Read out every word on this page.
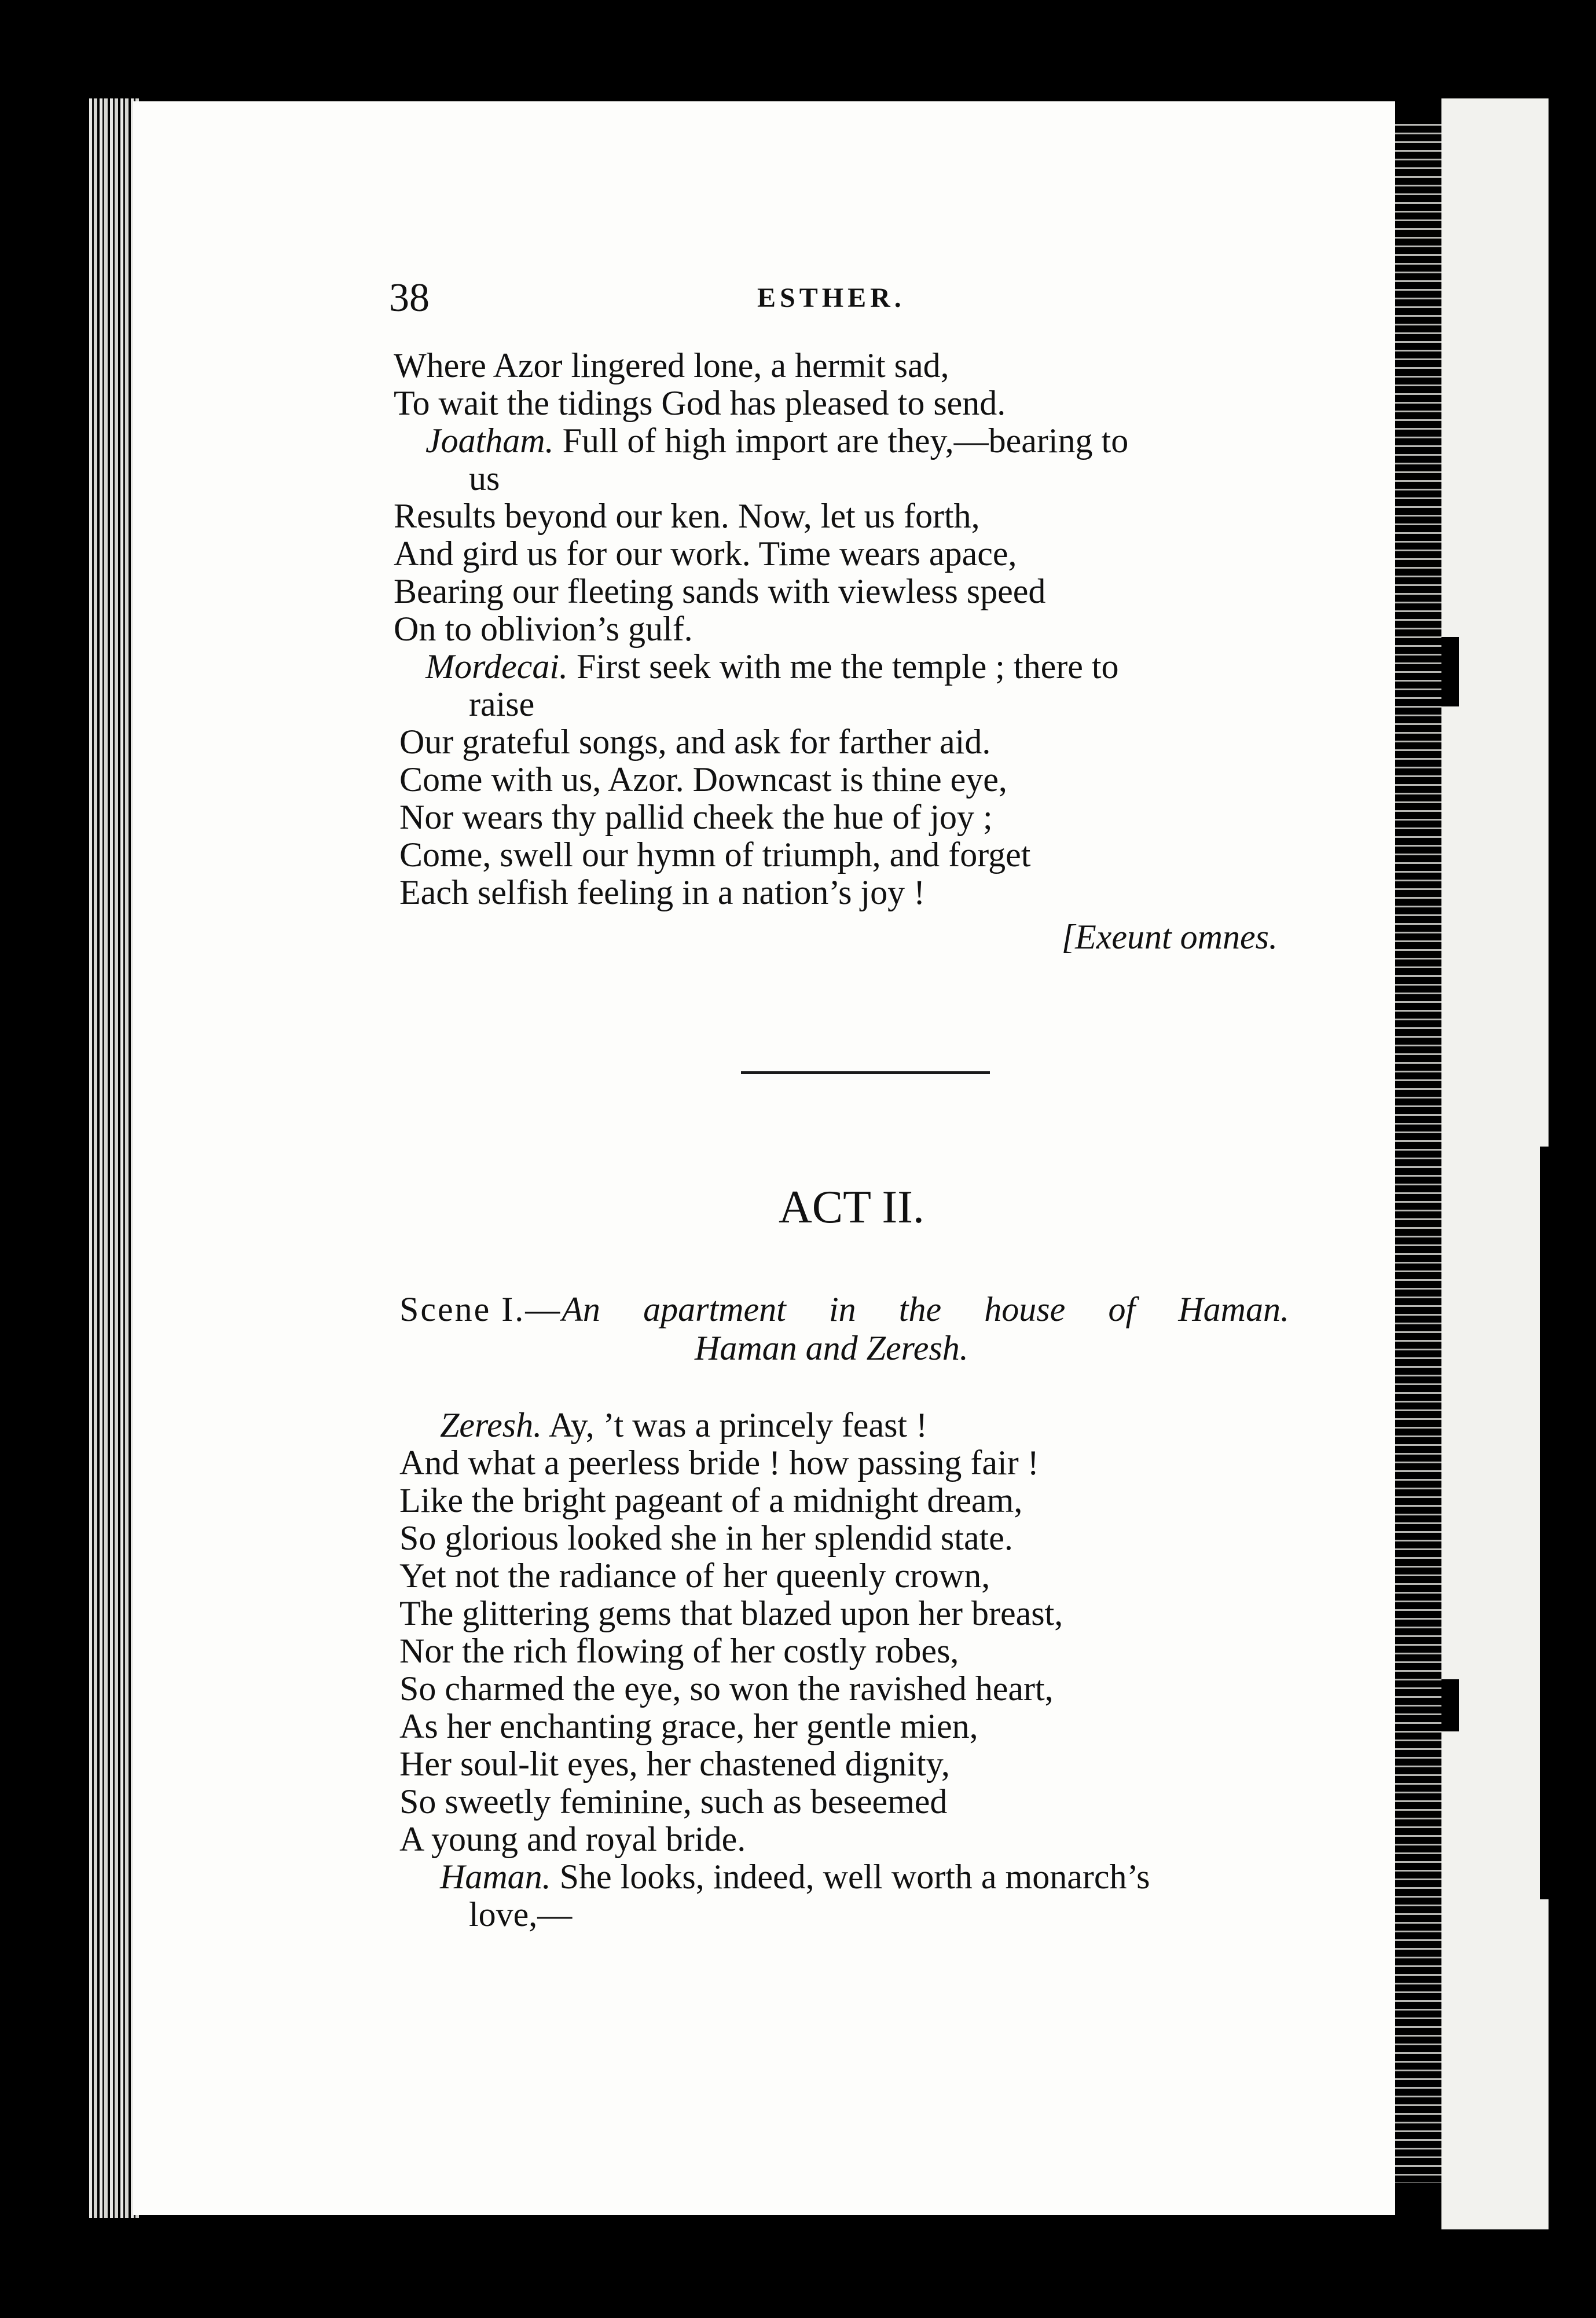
38	ESTHER.
Where Azor lingered lone, a hermit sad,
To wait the tidings God has pleased to send.
Joatham. Full of high import are they,—bearing to
us
Results beyond our ken. Now, let us forth,
And gird us for our work. Time wears apace,
Bearing our fleeting sands with viewless speed
On to oblivion’s gulf.
Mordecai. First seek with me the temple ; there to
raise
Our grateful songs, and ask for farther aid.
Come with us, Azor. Downcast is thine eye,
Nor wears thy pallid cheek the hue of joy ;
Come, swell our hymn of triumph, and forget
Each selfish feeling in a nation’s joy !
[Exeunt omnes.
ACT II.
Scene I.—An apartment in the house of Haman.
Haman and Zeresh.
Zeresh. Ay, ’t was a princely feast !
And what a peerless bride ! how passing fair !
Like the bright pageant of a midnight dream,
So glorious looked she in her splendid state.
Yet not the radiance of her queenly crown,
The glittering gems that blazed upon her breast,
Nor the rich flowing of her costly robes,
So charmed the eye, so won the ravished heart,
As her enchanting grace, her gentle mien,
Her soul-lit eyes, her chastened dignity,
So sweetly feminine, such as beseemed
A young and royal bride.
Haman. She looks, indeed, well worth a monarch’s
love,—
